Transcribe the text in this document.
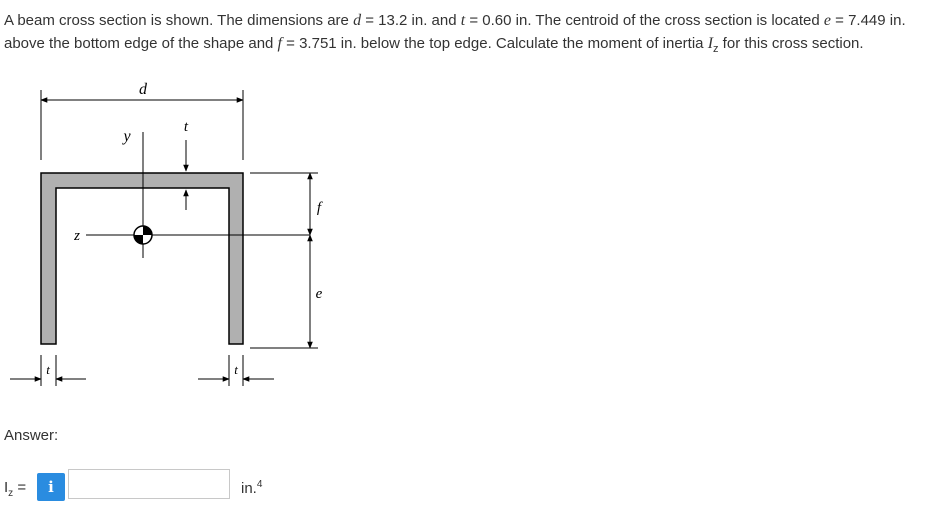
A beam cross section is shown. The dimensions are d = 13.2 in. and t = 0.60 in. The centroid of the cross section is located e = 7.449 in. above the bottom edge of the shape and f = 3.751 in. below the top edge. Calculate the moment of inertia $I_z$ for this cross section.
d
y
t
z
f
e
t	t
Answer:
$I_z$ =	i	in.$^4$
